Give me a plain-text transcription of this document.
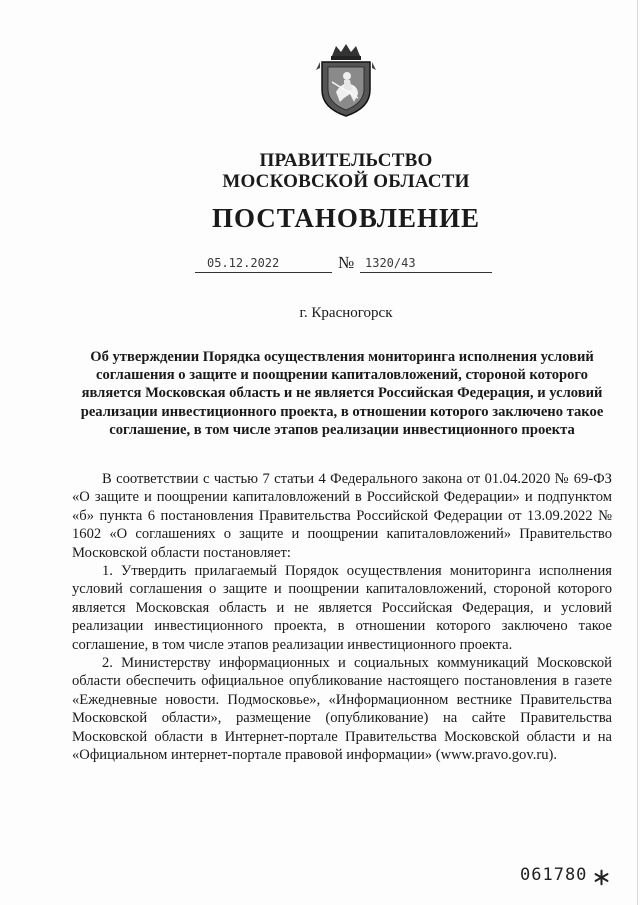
ПРАВИТЕЛЬСТВО
МОСКОВСКОЙ ОБЛАСТИ
ПОСТАНОВЛЕНИЕ
05.12.2022	№ 1320/43
г. Красногорск
Об утверждении Порядка осуществления мониторинга исполнения условий соглашения о защите и поощрении капиталовложений, стороной которого является Московская область и не является Российская Федерация, и условий реализации инвестиционного проекта, в отношении которого заключено такое соглашение, в том числе этапов реализации инвестиционного проекта

В соответствии с частью 7 статьи 4 Федерального закона от 01.04.2020 № 69-ФЗ «О защите и поощрении капиталовложений в Российской Федерации» и подпунктом «б» пункта 6 постановления Правительства Российской Федерации от 13.09.2022 № 1602 «О соглашениях о защите и поощрении капиталовложений» Правительство Московской области постановляет:

1. Утвердить прилагаемый Порядок осуществления мониторинга исполнения условий соглашения о защите и поощрении капиталовложений, стороной которого является Московская область и не является Российская Федерация, и условий реализации инвестиционного проекта, в отношении которого заключено такое соглашение, в том числе этапов реализации инвестиционного проекта.

2. Министерству информационных и социальных коммуникаций Московской области обеспечить официальное опубликование настоящего постановления в газете «Ежедневные новости. Подмосковье», «Информационном вестнике Правительства Московской области», размещение (опубликование) на сайте Правительства Московской области в Интернет-портале Правительства Московской области и на «Официальном интернет-портале правовой информации» (www.pravo.gov.ru).

061780
